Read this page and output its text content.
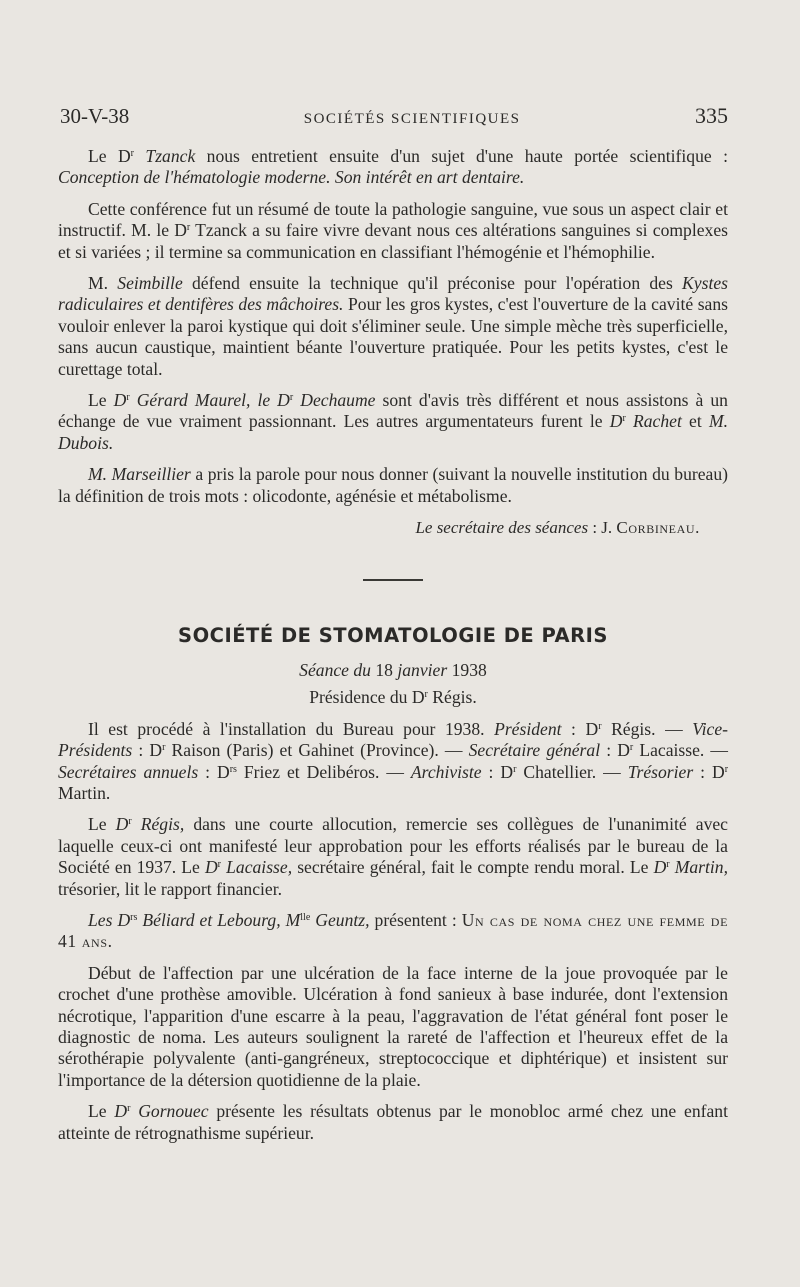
30-V-38	SOCIÉTÉS SCIENTIFIQUES	335

Le $D^r$ Tzanck nous entretient ensuite d'un sujet d'une haute portée scientifique : Conception de l'hématologie moderne. Son intérêt en art dentaire.

Cette conférence fut un résumé de toute la pathologie sanguine, vue sous un aspect clair et instructif. M. le $D^r$ Tzanck a su faire vivre devant nous ces altérations sanguines si complexes et si variées ; il termine sa communication en classifiant l'hémogénie et l'hémophilie.

M. Seimbille défend ensuite la technique qu'il préconise pour l'opération des Kystes radiculaires et dentifères des mâchoires. Pour les gros kystes, c'est l'ouverture de la cavité sans vouloir enlever la paroi kystique qui doit s'éliminer seule. Une simple mèche très superficielle, sans aucun caustique, maintient béante l'ouverture pratiquée. Pour les petits kystes, c'est le curettage total.

Le $D^r$ Gérard Maurel, le $D^r$ Dechaume sont d'avis très différent et nous assistons à un échange de vue vraiment passionnant. Les autres argumentateurs furent le $D^r$ Rachet et M. Dubois.

M. Marseillier a pris la parole pour nous donner (suivant la nouvelle institution du bureau) la définition de trois mots : olicodonte, agénésie et métabolisme.

Le secrétaire des séances : J. Corbineau.
SOCIÉTÉ DE STOMATOLOGIE DE PARIS
Séance du 18 janvier 1938
Présidence du $D^r$ Régis.

Il est procédé à l'installation du Bureau pour 1938. Président : $D^r$ Régis. — Vice-Présidents : $D^r$ Raison (Paris) et Gahinet (Province). — Secrétaire général : $D^r$ Lacaisse. — Secrétaires annuels : $D^{rs}$ Friez et Delibéros. — Archiviste : $D^r$ Chatellier. — Trésorier : $D^r$ Martin.

Le $D^r$ Régis, dans une courte allocution, remercie ses collègues de l'unanimité avec laquelle ceux-ci ont manifesté leur approbation pour les efforts réalisés par le bureau de la Société en 1937. Le $D^r$ Lacaisse, secrétaire général, fait le compte rendu moral. Le $D^r$ Martin, trésorier, lit le rapport financier.

Les $D^{rs}$ Béliard et Lebourg, $M^{lle}$ Geuntz, présentent : Un cas de noma chez une femme de 41 ans.

Début de l'affection par une ulcération de la face interne de la joue provoquée par le crochet d'une prothèse amovible. Ulcération à fond sanieux à base indurée, dont l'extension nécrotique, l'apparition d'une escarre à la peau, l'aggravation de l'état général font poser le diagnostic de noma. Les auteurs soulignent la rareté de l'affection et l'heureux effet de la sérothérapie polyvalente (anti-gangréneux, streptococcique et diphtérique) et insistent sur l'importance de la détersion quotidienne de la plaie.

Le $D^r$ Gornouec présente les résultats obtenus par le monobloc armé chez une enfant atteinte de rétrognathisme supérieur.
